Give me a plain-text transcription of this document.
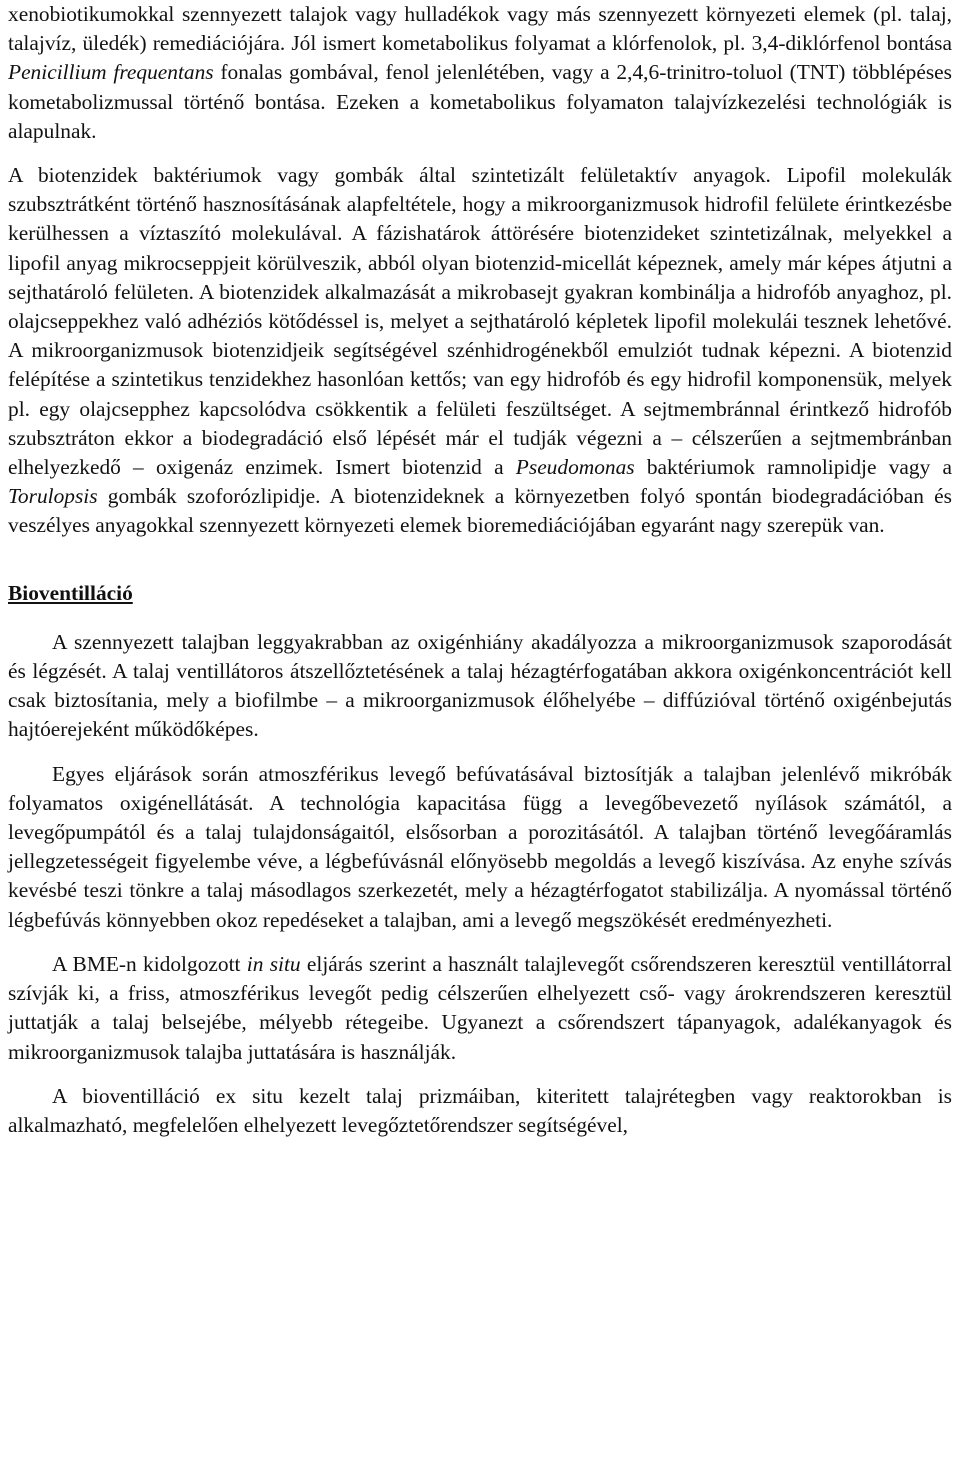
xenobiotikumokkal szennyezett talajok vagy hulladékok vagy más szennyezett környezeti elemek (pl. talaj, talajvíz, üledék) remediációjára. Jól ismert kometabolikus folyamat a klórfenolok, pl. 3,4-diklórfenol bontása Penicillium frequentans fonalas gombával, fenol jelenlétében, vagy a 2,4,6-trinitro-toluol (TNT) többlépéses kometabolizmussal történő bontása. Ezeken a kometabolikus folyamaton talajvízkezelési technológiák is alapulnak.

A biotenzidek baktériumok vagy gombák által szintetizált felületaktív anyagok. Lipofil molekulák szubsztrátként történő hasznosításának alapfeltétele, hogy a mikroorganizmusok hidrofil felülete érintkezésbe kerülhessen a víztaszító molekulával. A fázishatárok áttörésére biotenzideket szintetizálnak, melyekkel a lipofil anyag mikrocseppjeit körülveszik, abból olyan biotenzid-micellát képeznek, amely már képes átjutni a sejthatároló felületen. A biotenzidek alkalmazását a mikrobasejt gyakran kombinálja a hidrofób anyaghoz, pl. olajcseppekhez való adhéziós kötődéssel is, melyet a sejthatároló képletek lipofil molekulái tesznek lehetővé. A mikroorganizmusok biotenzidjeik segítségével szénhidrogénekből emulziót tudnak képezni. A biotenzid felépítése a szintetikus tenzidekhez hasonlóan kettős; van egy hidrofób és egy hidrofil komponensük, melyek pl. egy olajcsepphez kapcsolódva csökkentik a felületi feszültséget. A sejtmembránnal érintkező hidrofób szubsztráton ekkor a biodegradáció első lépését már el tudják végezni a – célszerűen a sejtmembránban elhelyezkedő – oxigenáz enzimek. Ismert biotenzid a Pseudomonas baktériumok ramnolipidje vagy a Torulopsis gombák szoforózlipidje. A biotenzideknek a környezetben folyó spontán biodegradációban és veszélyes anyagokkal szennyezett környezeti elemek bioremediációjában egyaránt nagy szerepük van.

Bioventilláció

A szennyezett talajban leggyakrabban az oxigénhiány akadályozza a mikroorganizmusok szaporodását és légzését. A talaj ventillátoros átszellőztetésének a talaj hézagtérfogatában akkora oxigénkoncentrációt kell csak biztosítania, mely a biofilmbe – a mikroorganizmusok élőhelyébe – diffúzióval történő oxigénbejutás hajtóerejeként működőképes.

Egyes eljárások során atmoszférikus levegő befúvatásával biztosítják a talajban jelenlévő mikróbák folyamatos oxigénellátását. A technológia kapacitása függ a levegőbevezető nyílások számától, a levegőpumpától és a talaj tulajdonságaitól, elsősorban a porozitásától. A talajban történő levegőáramlás jellegzetességeit figyelembe véve, a légbefúvásnál előnyösebb megoldás a levegő kiszívása. Az enyhe szívás kevésbé teszi tönkre a talaj másodlagos szerkezetét, mely a hézagtérfogatot stabilizálja. A nyomással történő légbefúvás könnyebben okoz repedéseket a talajban, ami a levegő megszökését eredményezheti.

A BME-n kidolgozott in situ eljárás szerint a használt talajlevegőt csőrendszeren keresztül ventillátorral szívják ki, a friss, atmoszférikus levegőt pedig célszerűen elhelyezett cső- vagy árokrendszeren keresztül juttatják a talaj belsejébe, mélyebb rétegeibe. Ugyanezt a csőrendszert tápanyagok, adalékanyagok és mikroorganizmusok talajba juttatására is használják.

A bioventilláció ex situ kezelt talaj prizmáiban, kiteritett talajrétegben vagy reaktorokban is alkalmazható, megfelelően elhelyezett levegőztetőrendszer segítségével,
